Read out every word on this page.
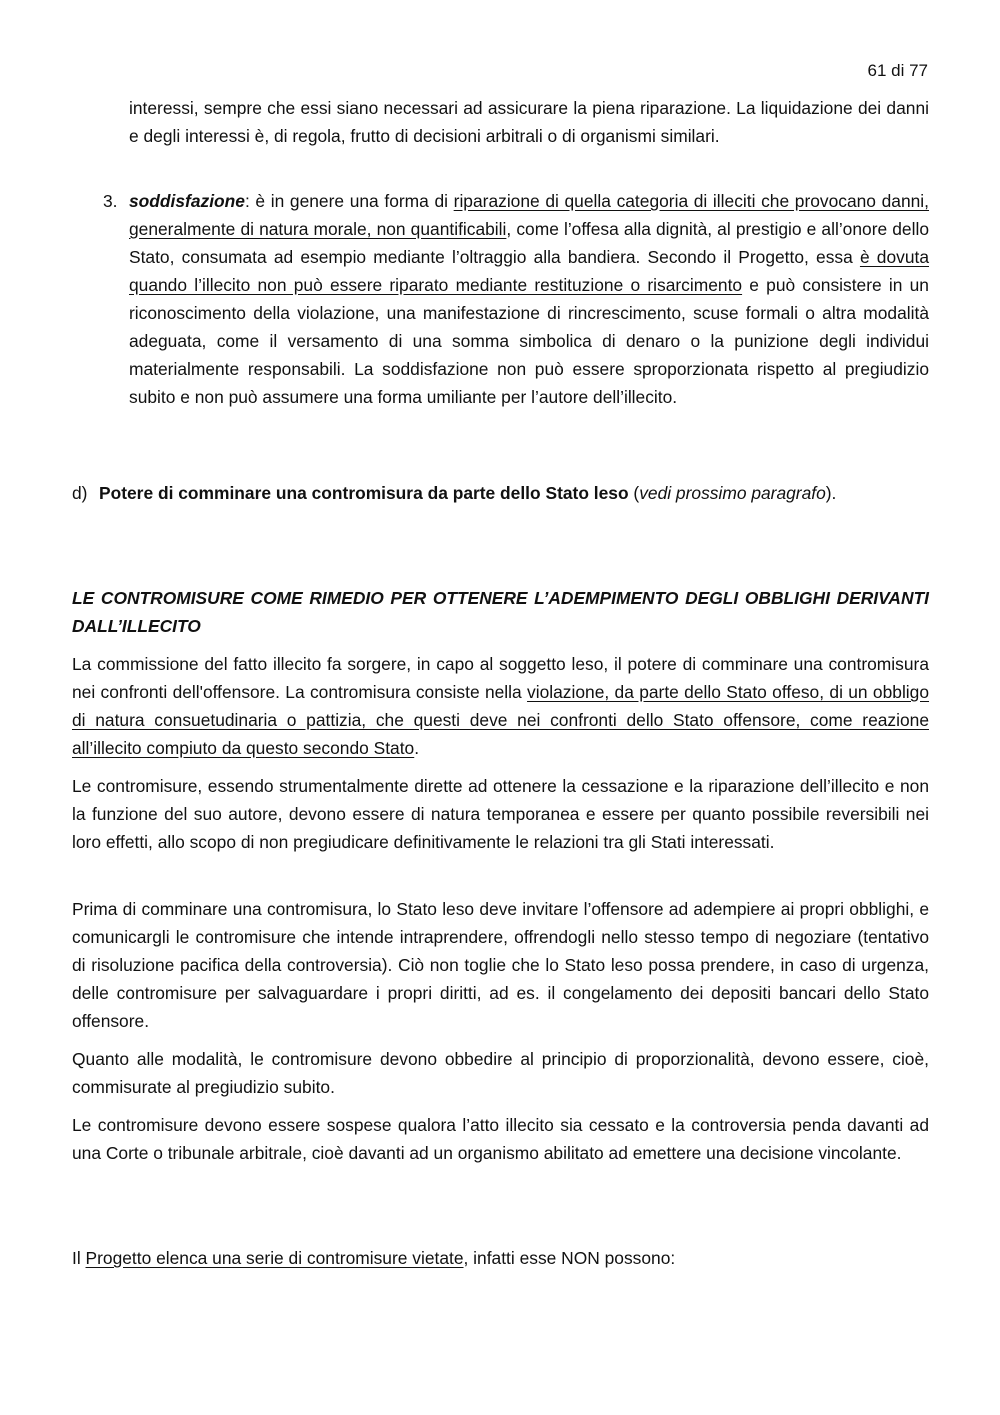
61 di 77

interessi, sempre che essi siano necessari ad assicurare la piena riparazione. La liquidazione dei danni e degli interessi è, di regola, frutto di decisioni arbitrali o di organismi similari.

3. soddisfazione: è in genere una forma di riparazione di quella categoria di illeciti che provocano danni, generalmente di natura morale, non quantificabili, come l’offesa alla dignità, al prestigio e all’onore dello Stato, consumata ad esempio mediante l’oltraggio alla bandiera. Secondo il Progetto, essa è dovuta quando l’illecito non può essere riparato mediante restituzione o risarcimento e può consistere in un riconoscimento della violazione, una manifestazione di rincrescimento, scuse formali o altra modalità adeguata, come il versamento di una somma simbolica di denaro o la punizione degli individui materialmente responsabili. La soddisfazione non può essere sproporzionata rispetto al pregiudizio subito e non può assumere una forma umiliante per l’autore dell’illecito.

d) Potere di comminare una contromisura da parte dello Stato leso (vedi prossimo paragrafo).

LE CONTROMISURE COME RIMEDIO PER OTTENERE L’ADEMPIMENTO DEGLI OBBLIGHI DERIVANTI DALL’ILLECITO

La commissione del fatto illecito fa sorgere, in capo al soggetto leso, il potere di comminare una contromisura nei confronti dell'offensore. La contromisura consiste nella violazione, da parte dello Stato offeso, di un obbligo di natura consuetudinaria o pattizia, che questi deve nei confronti dello Stato offensore, come reazione all’illecito compiuto da questo secondo Stato.

Le contromisure, essendo strumentalmente dirette ad ottenere la cessazione e la riparazione dell’illecito e non la funzione del suo autore, devono essere di natura temporanea e essere per quanto possibile reversibili nei loro effetti, allo scopo di non pregiudicare definitivamente le relazioni tra gli Stati interessati.

Prima di comminare una contromisura, lo Stato leso deve invitare l’offensore ad adempiere ai propri obblighi, e comunicargli le contromisure che intende intraprendere, offrendogli nello stesso tempo di negoziare (tentativo di risoluzione pacifica della controversia). Ciò non toglie che lo Stato leso possa prendere, in caso di urgenza, delle contromisure per salvaguardare i propri diritti, ad es. il congelamento dei depositi bancari dello Stato offensore.

Quanto alle modalità, le contromisure devono obbedire al principio di proporzionalità, devono essere, cioè, commisurate al pregiudizio subito.

Le contromisure devono essere sospese qualora l’atto illecito sia cessato e la controversia penda davanti ad una Corte o tribunale arbitrale, cioè davanti ad un organismo abilitato ad emettere una decisione vincolante.

Il Progetto elenca una serie di contromisure vietate, infatti esse NON possono:
